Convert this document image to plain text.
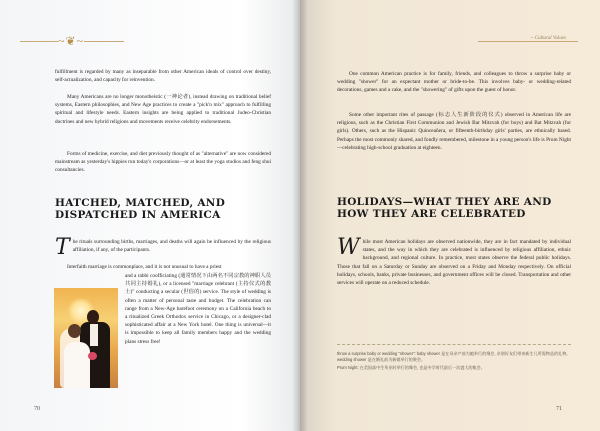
~❦~

fulfillment is regarded by many as inseparable from other American ideals of control over destiny, self-actualization, and capacity for reinvention.

Many Americans are no longer monotheistic (一神论者), instead drawing on traditional belief systems, Eastern philosophies, and New Age practices to create a "pick'n mix" approach to fulfilling spiritual and lifestyle needs. Eastern insights are being applied to traditional Judeo-Christian doctrines and new hybrid religions and movements receive celebrity endorsements.

Forms of medicine, exercise, and diet previously thought of as "alternative" are now considered mainstream as yesterday's hippies run today's corporations—or at least the yoga studios and feng shui consultancies.

HATCHED, MATCHED, AND DISPATCHED IN AMERICA

The rituals surrounding births, marriages, and deaths will again be influenced by the religious affiliation, if any, of the participants.

Interfaith marriage is commonplace, and it is not unusual to have a priest

and a rabbi coofficiating (通常情况下由两名不同宗教的神职人员共同主持婚礼), or a licensed "marriage celebrant (主持仪式的教士)" conducting a secular (世俗的) service. The style of wedding is often a matter of personal taste and budget. The celebration can range from a New-Age barefoot ceremony on a California beach to a ritualized Greek Orthodox service in Chicago, or a designer-clad sophisticated affair at a New York hotel. One thing is universal—it is impossible to keep all family members happy and the wedding plans stress free!

70
~ Cultural Values

One common American practice is for family, friends, and colleagues to throw a surprise baby or wedding "shower" for an expectant mother or bride-to-be. This involves baby- or wedding-related decorations, games and a cake, and the "showering" of gifts upon the guest of honor.

Some other important rites of passage (标志人生新阶段的仪式) observed in American life are religious, such as the Christian First Communion and Jewish Bar Mitzvah (for boys) and Bat Mitzvah (for girls). Others, such as the Hispanic Quinceañera, or fifteenth-birthday girls' parties, are ethnically based. Perhaps the most commonly shared, and fondly remembered, milestone in a young person's life is Prom Night—celebrating high-school graduation at eighteen.

HOLIDAYS—WHAT THEY ARE AND HOW THEY ARE CELEBRATED

While most American holidays are observed nationwide, they are in fact mandated by individual states, and the way in which they are celebrated is influenced by religious affiliation, ethnic background, and regional culture. In practice, most states observe the federal public holidays. Those that fall on a Saturday or Sunday are observed on a Friday and Monday respectively. On official holidays, schools, banks, private businesses, and government offices will be closed. Transportation and other services will operate on a reduced schedule.

throw a surprise baby or wedding "shower": baby shower 是在母亲产前为她举行的聚会, 亲朋好友们带来新生儿所需物品的礼物。wedding shower 是在婚礼前为新娘举行的聚会。

Prom Night: 在美国高中生毕业时举行的舞会, 也是中学时代最后一次盛大的集会。

71
